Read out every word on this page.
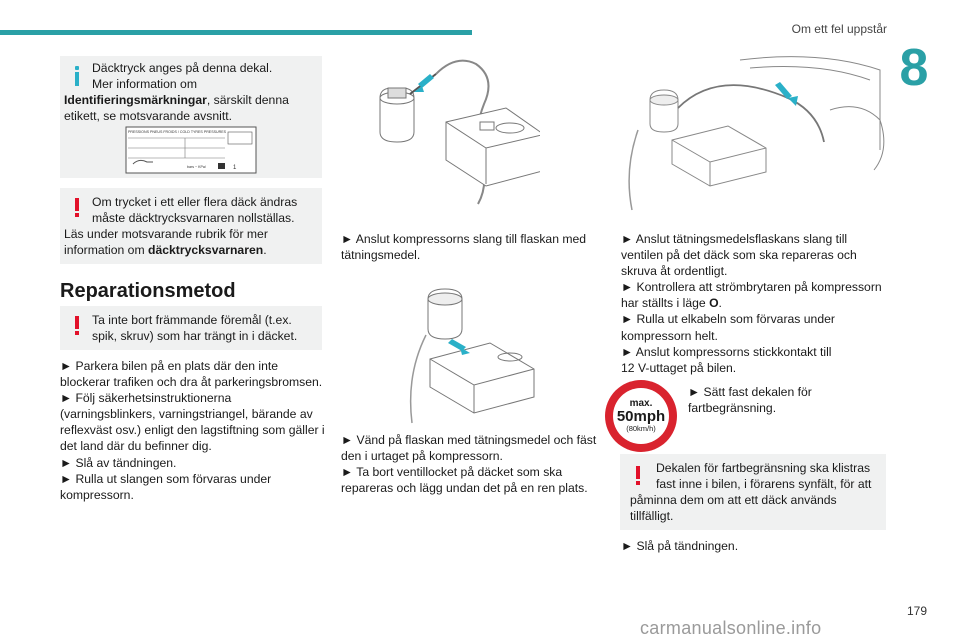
Om ett fel uppstår
8
Däcktryck anges på denna dekal.
Mer information om
Identifieringsmärkningar, särskilt denna
etikett, se motsvarande avsnitt.
PRESSIONS PNEUS FROIDS / COLD TYRES PRESSURES
bars ~ KPa/	1
Om trycket i ett eller flera däck ändras
måste däcktrycksvarnaren nollställas.
Läs under motsvarande rubrik för mer
information om däcktrycksvarnaren.
Reparationsmetod
Ta inte bort främmande föremål (t.ex.
spik, skruv) som har trängt in i däcket.
► Parkera bilen på en plats där den inte
blockerar trafiken och dra åt parkeringsbromsen.
► Följ säkerhetsinstruktionerna
(varningsblinkers, varningstriangel, bärande av
reflexväst osv.) enligt den lagstiftning som gäller i
det land där du befinner dig.
► Slå av tändningen.
► Rulla ut slangen som förvaras under
kompressorn.
► Anslut kompressorns slang till flaskan med
tätningsmedel.
► Vänd på flaskan med tätningsmedel och fäst
den i urtaget på kompressorn.
► Ta bort ventillocket på däcket som ska
repareras och lägg undan det på en ren plats.
► Anslut tätningsmedelsflaskans slang till
ventilen på det däck som ska repareras och
skruva åt ordentligt.
► Kontrollera att strömbrytaren på kompressorn
har ställts i läge O.
► Rulla ut elkabeln som förvaras under
kompressorn helt.
► Anslut kompressorns stickkontakt till
12 V-uttaget på bilen.
max.
50mph
(80km/h)
► Sätt fast dekalen för
fartbegränsning.
Dekalen för fartbegränsning ska klistras
fast inne i bilen, i förarens synfält, för att
påminna dem om att ett däck används
tillfälligt.
► Slå på tändningen.
179
carmanualsonline.info
